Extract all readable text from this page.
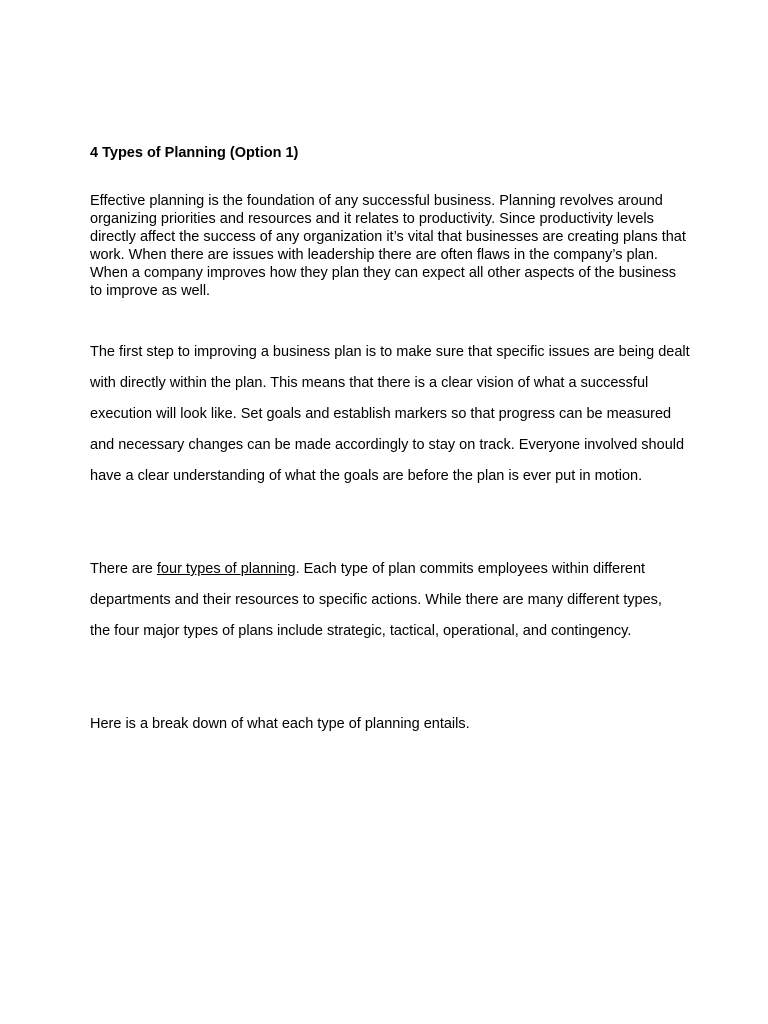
4 Types of Planning (Option 1)

Effective planning is the foundation of any successful business. Planning revolves around organizing priorities and resources and it relates to productivity. Since productivity levels directly affect the success of any organization it’s vital that businesses are creating plans that work. When there are issues with leadership there are often flaws in the company’s plan. When a company improves how they plan they can expect all other aspects of the business to improve as well.

The first step to improving a business plan is to make sure that specific issues are being dealt with directly within the plan. This means that there is a clear vision of what a successful execution will look like. Set goals and establish markers so that progress can be measured and necessary changes can be made accordingly to stay on track. Everyone involved should have a clear understanding of what the goals are before the plan is ever put in motion.

There are four types of planning. Each type of plan commits employees within different departments and their resources to specific actions. While there are many different types, the four major types of plans include strategic, tactical, operational, and contingency.

Here is a break down of what each type of planning entails.
